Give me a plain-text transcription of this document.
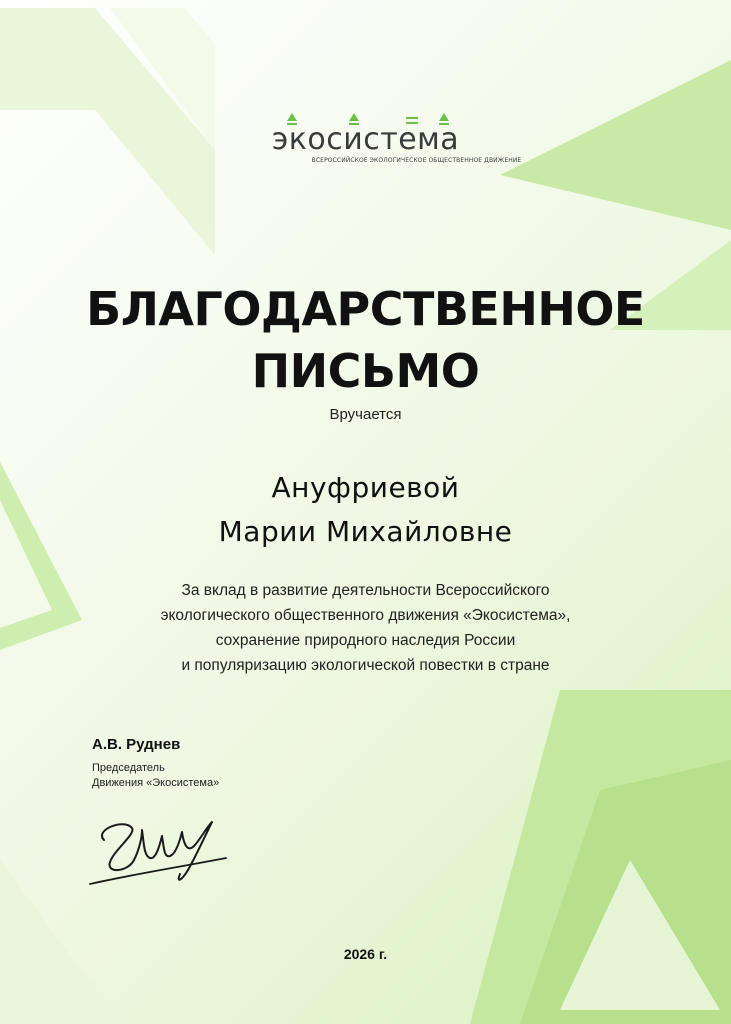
экосистема
ВСЕРОССИЙСКОЕ ЭКОЛОГИЧЕСКОЕ ОБЩЕСТВЕННОЕ ДВИЖЕНИЕ
БЛАГОДАРСТВЕННОЕ
ПИСЬМО
Вручается
Ануфриевой
Марии Михайловне
За вклад в развитие деятельности Всероссийского
экологического общественного движения «Экосистема»,
сохранение природного наследия России
и популяризацию экологической повестки в стране
А.В. Руднев
Председатель
Движения «Экосистема»
2026 г.
